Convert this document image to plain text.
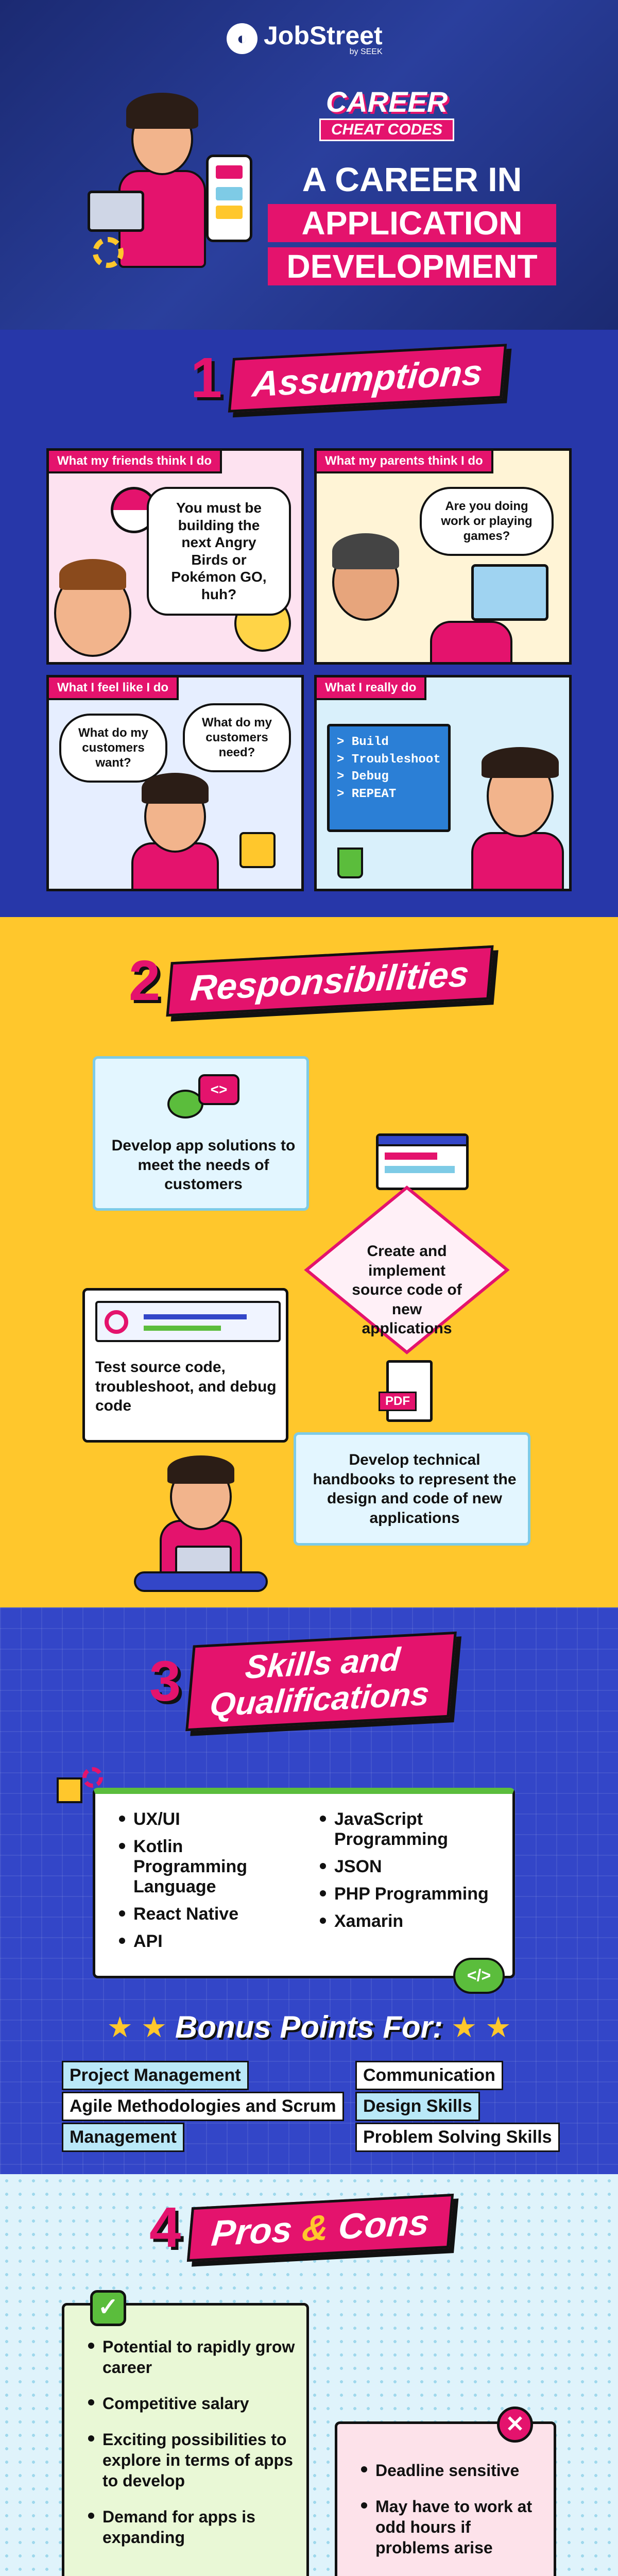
◐ JobStreet
by SEEK
CAREER
CHEAT CODES
A CAREER IN
APPLICATION
DEVELOPMENT
1 Assumptions
What my friends think I do
You must be building the next Angry Birds or Pokémon GO, huh?
What my parents think I do
Are you doing work or playing games?
What I feel like I do
What do my customers want?
What do my customers need?
What I really do
> Build
> Troubleshoot
> Debug
> REPEAT
2 Responsibilities
<>
Develop app solutions to meet the needs of customers
Create and implement source code of new applications
Test source code, troubleshoot, and debug code	PDF
Develop technical handbooks to represent the design and code of new applications
3	Skills and
Qualifications
UX/UI
Kotlin Programming Language
React Native
API
JavaScript Programming
JSON
PHP Programming
Xamarin
</>
★ ★ Bonus Points For: ★ ★
Project Management
Agile Methodologies and Scrum
Management
Communication
Design Skills
Problem Solving Skills
4 Pros & Cons
✓
Potential to rapidly grow career
Competitive salary
Exciting possibilities to explore in terms of apps to develop
Demand for apps is expanding
✕
Deadline sensitive
May have to work at odd hours if problems arise
